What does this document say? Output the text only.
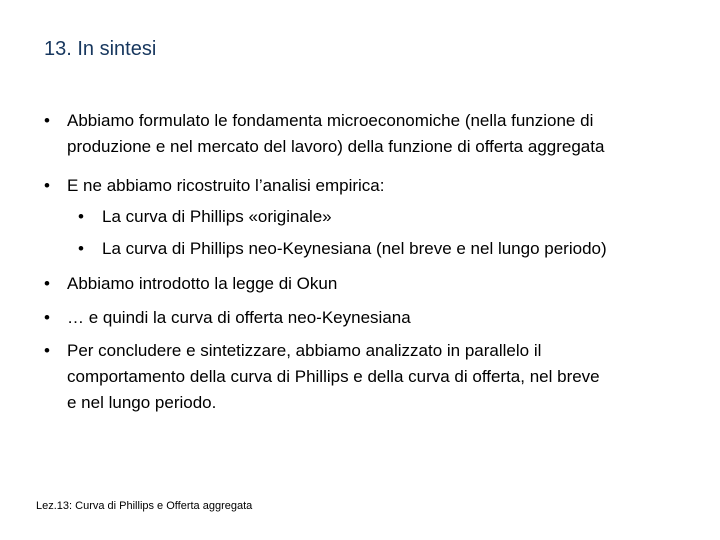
13. In sintesi
•	Abbiamo formulato le fondamenta microeconomiche (nella funzione di
produzione e nel mercato del lavoro) della funzione di offerta aggregata
•	E ne abbiamo ricostruito l’analisi empirica:
•	La curva di Phillips «originale»
•	La curva di Phillips neo-Keynesiana (nel breve e nel lungo periodo)
•	Abbiamo introdotto la legge di Okun
•	… e quindi la curva di offerta neo-Keynesiana
•	Per concludere e sintetizzare, abbiamo analizzato in parallelo il
comportamento della curva di Phillips e della curva di offerta, nel breve
e nel lungo periodo.
Lez.13: Curva di Phillips e Offerta aggregata
